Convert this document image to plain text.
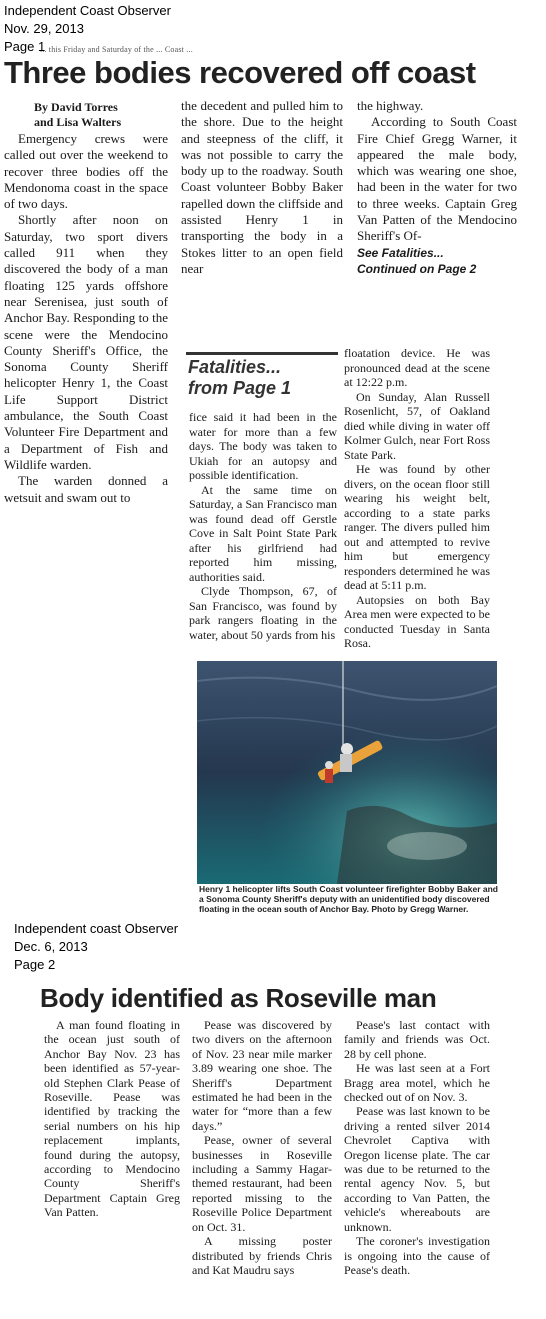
Independent Coast Observer
Nov. 29, 2013
Page 1
... this Friday and Saturday of the ... Coast ...
Three bodies recovered off coast
By David Torres
and Lisa Walters

Emergency crews were called out over the weekend to recover three bodies off the Mendonoma coast in the space of two days.

Shortly after noon on Saturday, two sport divers called 911 when they discovered the body of a man floating 125 yards offshore near Serenisea, just south of Anchor Bay. Responding to the scene were the Mendocino County Sheriff's Office, the Sonoma County Sheriff helicopter Henry 1, the Coast Life Support District ambulance, the South Coast Volunteer Fire Department and a Department of Fish and Wildlife warden.

The warden donned a wetsuit and swam out to

the decedent and pulled him to the shore. Due to the height and steepness of the cliff, it was not possible to carry the body up to the roadway. South Coast volunteer Bobby Baker rapelled down the cliffside and assisted Henry 1 in transporting the body in a Stokes litter to an open field near

the highway.

According to South Coast Fire Chief Gregg Warner, it appeared the male body, which was wearing one shoe, had been in the water for two to three weeks. Captain Greg Van Patten of the Mendocino Sheriff's Of-

See Fatalities...
Continued on Page 2
Fatalities...
from Page 1

fice said it had been in the water for more than a few days. The body was taken to Ukiah for an autopsy and possible identification.

At the same time on Saturday, a San Francisco man was found dead off Gerstle Cove in Salt Point State Park after his girlfriend had reported him missing, authorities said.

Clyde Thompson, 67, of San Francisco, was found by park rangers floating in the water, about 50 yards from his

floatation device. He was pronounced dead at the scene at 12:22 p.m.

On Sunday, Alan Russell Rosenlicht, 57, of Oakland died while diving in water off Kolmer Gulch, near Fort Ross State Park.

He was found by other divers, on the ocean floor still wearing his weight belt, according to a state parks ranger. The divers pulled him out and attempted to revive him but emergency responders determined he was dead at 5:11 p.m.

Autopsies on both Bay Area men were expected to be conducted Tuesday in Santa Rosa.

Henry 1 helicopter lifts South Coast volunteer firefighter Bobby Baker and a Sonoma County Sheriff's deputy with an unidentified body discovered floating in the ocean south of Anchor Bay. Photo by Gregg Warner.
Independent coast Observer
Dec. 6, 2013
Page 2
Body identified as Roseville man

A man found floating in the ocean just south of Anchor Bay Nov. 23 has been identified as 57-year-old Stephen Clark Pease of Roseville. Pease was identified by tracking the serial numbers on his hip replacement implants, found during the autopsy, according to Mendocino County Sheriff's Department Captain Greg Van Patten.

Pease was discovered by two divers on the afternoon of Nov. 23 near mile marker 3.89 wearing one shoe. The Sheriff's Department estimated he had been in the water for “more than a few days.”

Pease, owner of several businesses in Roseville including a Sammy Hagar-themed restaurant, had been reported missing to the Roseville Police Department on Oct. 31.

A missing poster distributed by friends Chris and Kat Maudru says

Pease's last contact with family and friends was Oct. 28 by cell phone.

He was last seen at a Fort Bragg area motel, which he checked out of on Nov. 3.

Pease was last known to be driving a rented silver 2014 Chevrolet Captiva with Oregon license plate. The car was due to be returned to the rental agency Nov. 5, but according to Van Patten, the vehicle's whereabouts are unknown.

The coroner's investigation is ongoing into the cause of Pease's death.
